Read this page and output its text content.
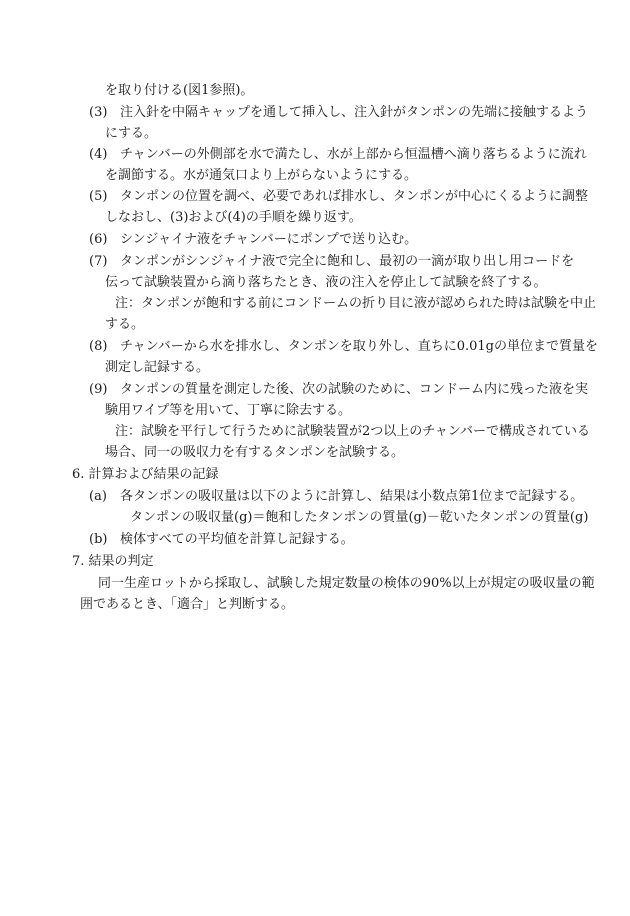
を取り付ける(図1参照)。
(3) 注入針を中隔キャップを通して挿入し、注入針がタンポンの先端に接触するよう
にする。
(4) チャンバーの外側部を水で満たし、水が上部から恒温槽へ滴り落ちるように流れ
を調節する。水が通気口より上がらないようにする。
(5) タンポンの位置を調べ、必要であれば排水し、タンポンが中心にくるように調整
しなおし、(3)および(4)の手順を繰り返す。
(6) シンジャイナ液をチャンバーにポンプで送り込む。
(7) タンポンがシンジャイナ液で完全に飽和し、最初の一滴が取り出し用コードを
伝って試験装置から滴り落ちたとき、液の注入を停止して試験を終了する。
注：タンポンが飽和する前にコンドームの折り目に液が認められた時は試験を中止
する。
(8) チャンバーから水を排水し、タンポンを取り外し、直ちに0.01gの単位まで質量を
測定し記録する。
(9) タンポンの質量を測定した後、次の試験のために、コンドーム内に残った液を実
験用ワイプ等を用いて、丁寧に除去する。
注：試験を平行して行うために試験装置が2つ以上のチャンバーで構成されている
場合、同一の吸収力を有するタンポンを試験する。
6. 計算および結果の記録
(a) 各タンポンの吸収量は以下のように計算し、結果は小数点第1位まで記録する。
タンポンの吸収量(g)＝飽和したタンポンの質量(g)－乾いたタンポンの質量(g)
(b) 検体すべての平均値を計算し記録する。
7. 結果の判定
同一生産ロットから採取し、試験した規定数量の検体の90%以上が規定の吸収量の範
囲であるとき、「適合」と判断する。
